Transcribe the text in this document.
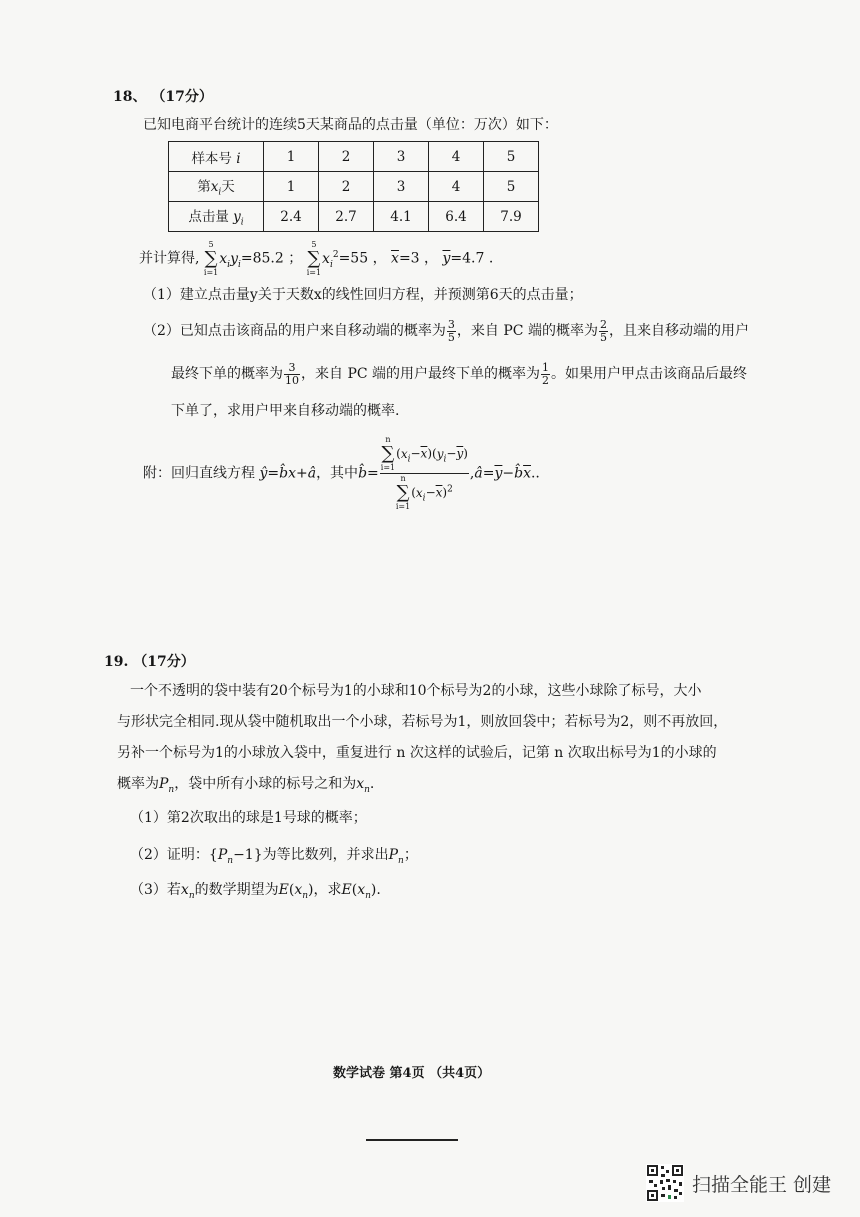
18、 （17分）
已知电商平台统计的连续5天某商品的点击量（单位：万次）如下：
样本号 i	1	2	3	4	5
第$x_i$天	1	2	3	4	5
点击量 $y_i$	2.4	2.7	4.1	6.4	7.9
并计算得,
5
∑
i=1
$x_iy_i=85.2$ ；
5
∑
i=1
$x_i^2=55$ ， $\overline{x}=3$ ， $\overline{y}=4.7$ .
（1）建立点击量y关于天数x的线性回归方程，并预测第6天的点击量；
（2）已知点击该商品的用户来自移动端的概率为 $\frac{3}{5}$ ，来自 PC 端的概率为 $\frac{2}{5}$ ，且来自移动端的用户
最终下单的概率为 $\frac{3}{10}$ ，来自 PC 端的用户最终下单的概率为 $\frac{1}{2}$ 。如果用户甲点击该商品后最终
下单了，求用户甲来自移动端的概率.
附：回归直线方程 ŷ=b̂x+â，其中b̂= n
∑
i=1
$(x_i-\overline{x})(y_i-\overline{y})$
n
∑
i=1
$(x_i-\overline{x})^2$ $,â=\overline{y}-b̂\overline{x}$..
19. （17分）
一个不透明的袋中装有20个标号为1的小球和10个标号为2的小球，这些小球除了标号，大小
与形状完全相同.现从袋中随机取出一个小球，若标号为1，则放回袋中；若标号为2，则不再放回，
另补一个标号为1的小球放入袋中，重复进行 n 次这样的试验后，记第 n 次取出标号为1的小球的
概率为$P_n$，袋中所有小球的标号之和为$x_n$.
（1）第2次取出的球是1号球的概率；
（2）证明：$\{P_n-1\}$为等比数列，并求出$P_n$；
（3）若$x_n$的数学期望为$E(x_n)$，求$E(x_n)$.
数学试卷 第4页 （共4页）
扫描全能王 创建
